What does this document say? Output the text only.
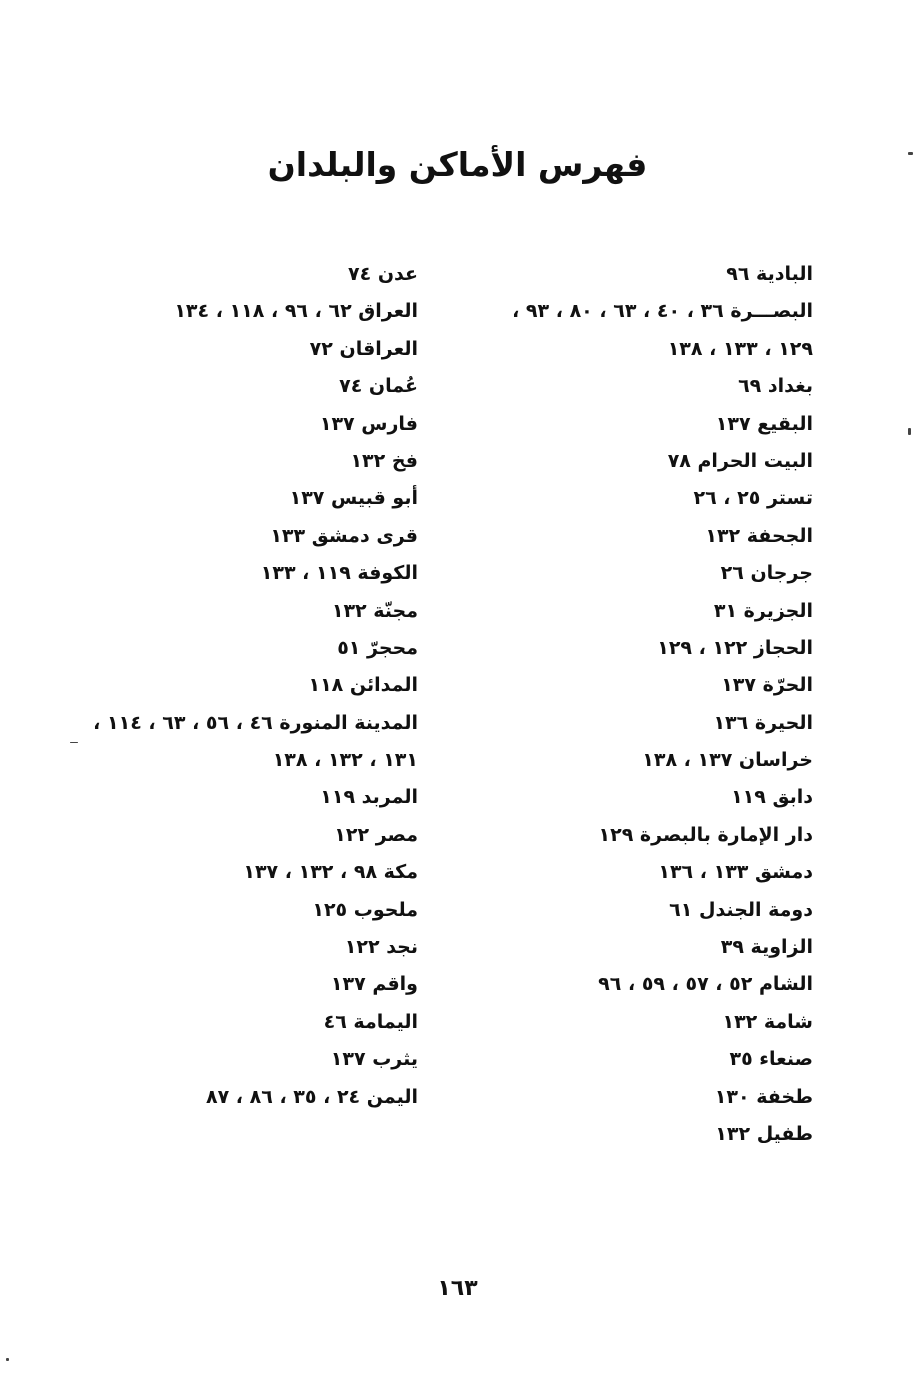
فهرس الأماكن والبلدان
البادية ٩٦
البصـــرة ٣٦ ، ٤٠ ، ٦٣ ، ٨٠ ، ٩٣ ،
١٢٩ ، ١٣٣ ، ١٣٨
بغداد ٦٩
البقيع ١٣٧
البيت الحرام ٧٨
تستر ٢٥ ، ٢٦
الجحفة ١٣٢
جرجان ٢٦
الجزيرة ٣١
الحجاز ١٢٢ ، ١٢٩
الحرّة ١٣٧
الحيرة ١٣٦
خراسان ١٣٧ ، ١٣٨
دابق ١١٩
دار الإمارة بالبصرة ١٢٩
دمشق ١٣٣ ، ١٣٦
دومة الجندل ٦١
الزاوية ٣٩
الشام ٥٢ ، ٥٧ ، ٥٩ ، ٩٦
شامة ١٣٢
صنعاء ٣٥
طخفة ١٣٠
طفيل ١٣٢
عدن ٧٤
العراق ٦٢ ، ٩٦ ، ١١٨ ، ١٣٤
العراقان ٧٢
عُمان ٧٤
فارس ١٣٧
فخ ١٣٢
أبو قبيس ١٣٧
قرى دمشق ١٣٣
الكوفة ١١٩ ، ١٣٣
مجنّة ١٣٢
محجرّ ٥١
المدائن ١١٨
المدينة المنورة ٤٦ ، ٥٦ ، ٦٣ ، ١١٤ ،
١٣١ ، ١٣٢ ، ١٣٨
المربد ١١٩
مصر ١٢٢
مكة ٩٨ ، ١٣٢ ، ١٣٧
ملحوب ١٢٥
نجد ١٢٢
واقم ١٣٧
اليمامة ٤٦
يثرب ١٣٧
اليمن ٢٤ ، ٣٥ ، ٨٦ ، ٨٧
١٦٣
